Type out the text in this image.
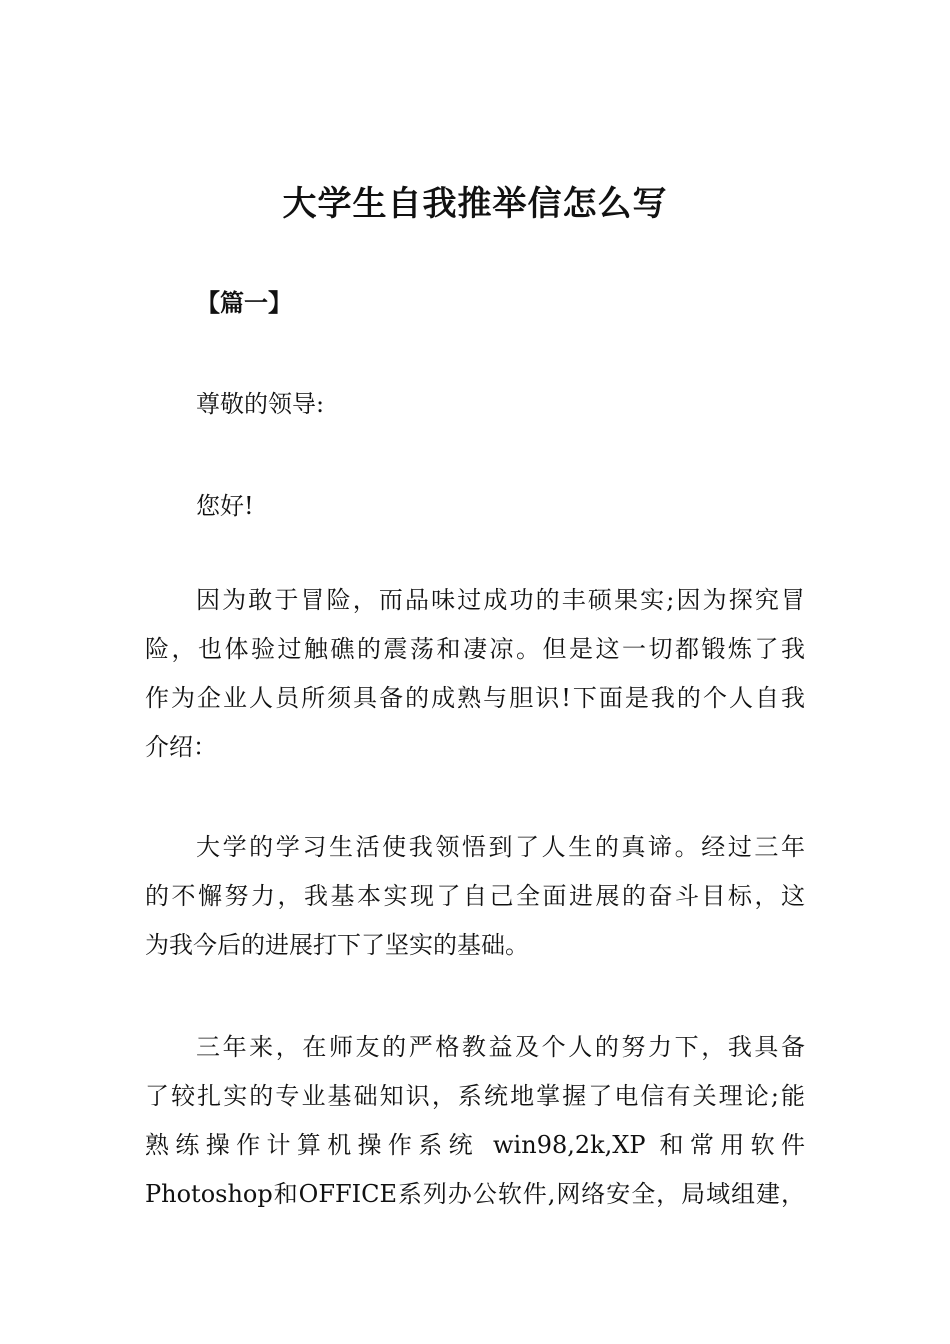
大学生自我推举信怎么写

【篇一】

尊敬的领导:

您好!

因为敢于冒险，而品味过成功的丰硕果实;因为探究冒
险，也体验过触礁的震荡和凄凉。但是这一切都锻炼了我
作为企业人员所须具备的成熟与胆识!下面是我的个人自我
介绍：
大学的学习生活使我领悟到了人生的真谛。经过三年
的不懈努力，我基本实现了自己全面进展的奋斗目标，这
为我今后的进展打下了坚实的基础。
三年来，在师友的严格教益及个人的努力下，我具备
了较扎实的专业基础知识，系统地掌握了电信有关理论;能
熟练操作计算机操作系统 win98,2k,XP 和常用软件
Photoshop和OFFICE系列办公软件,网络安全，局域组建，
